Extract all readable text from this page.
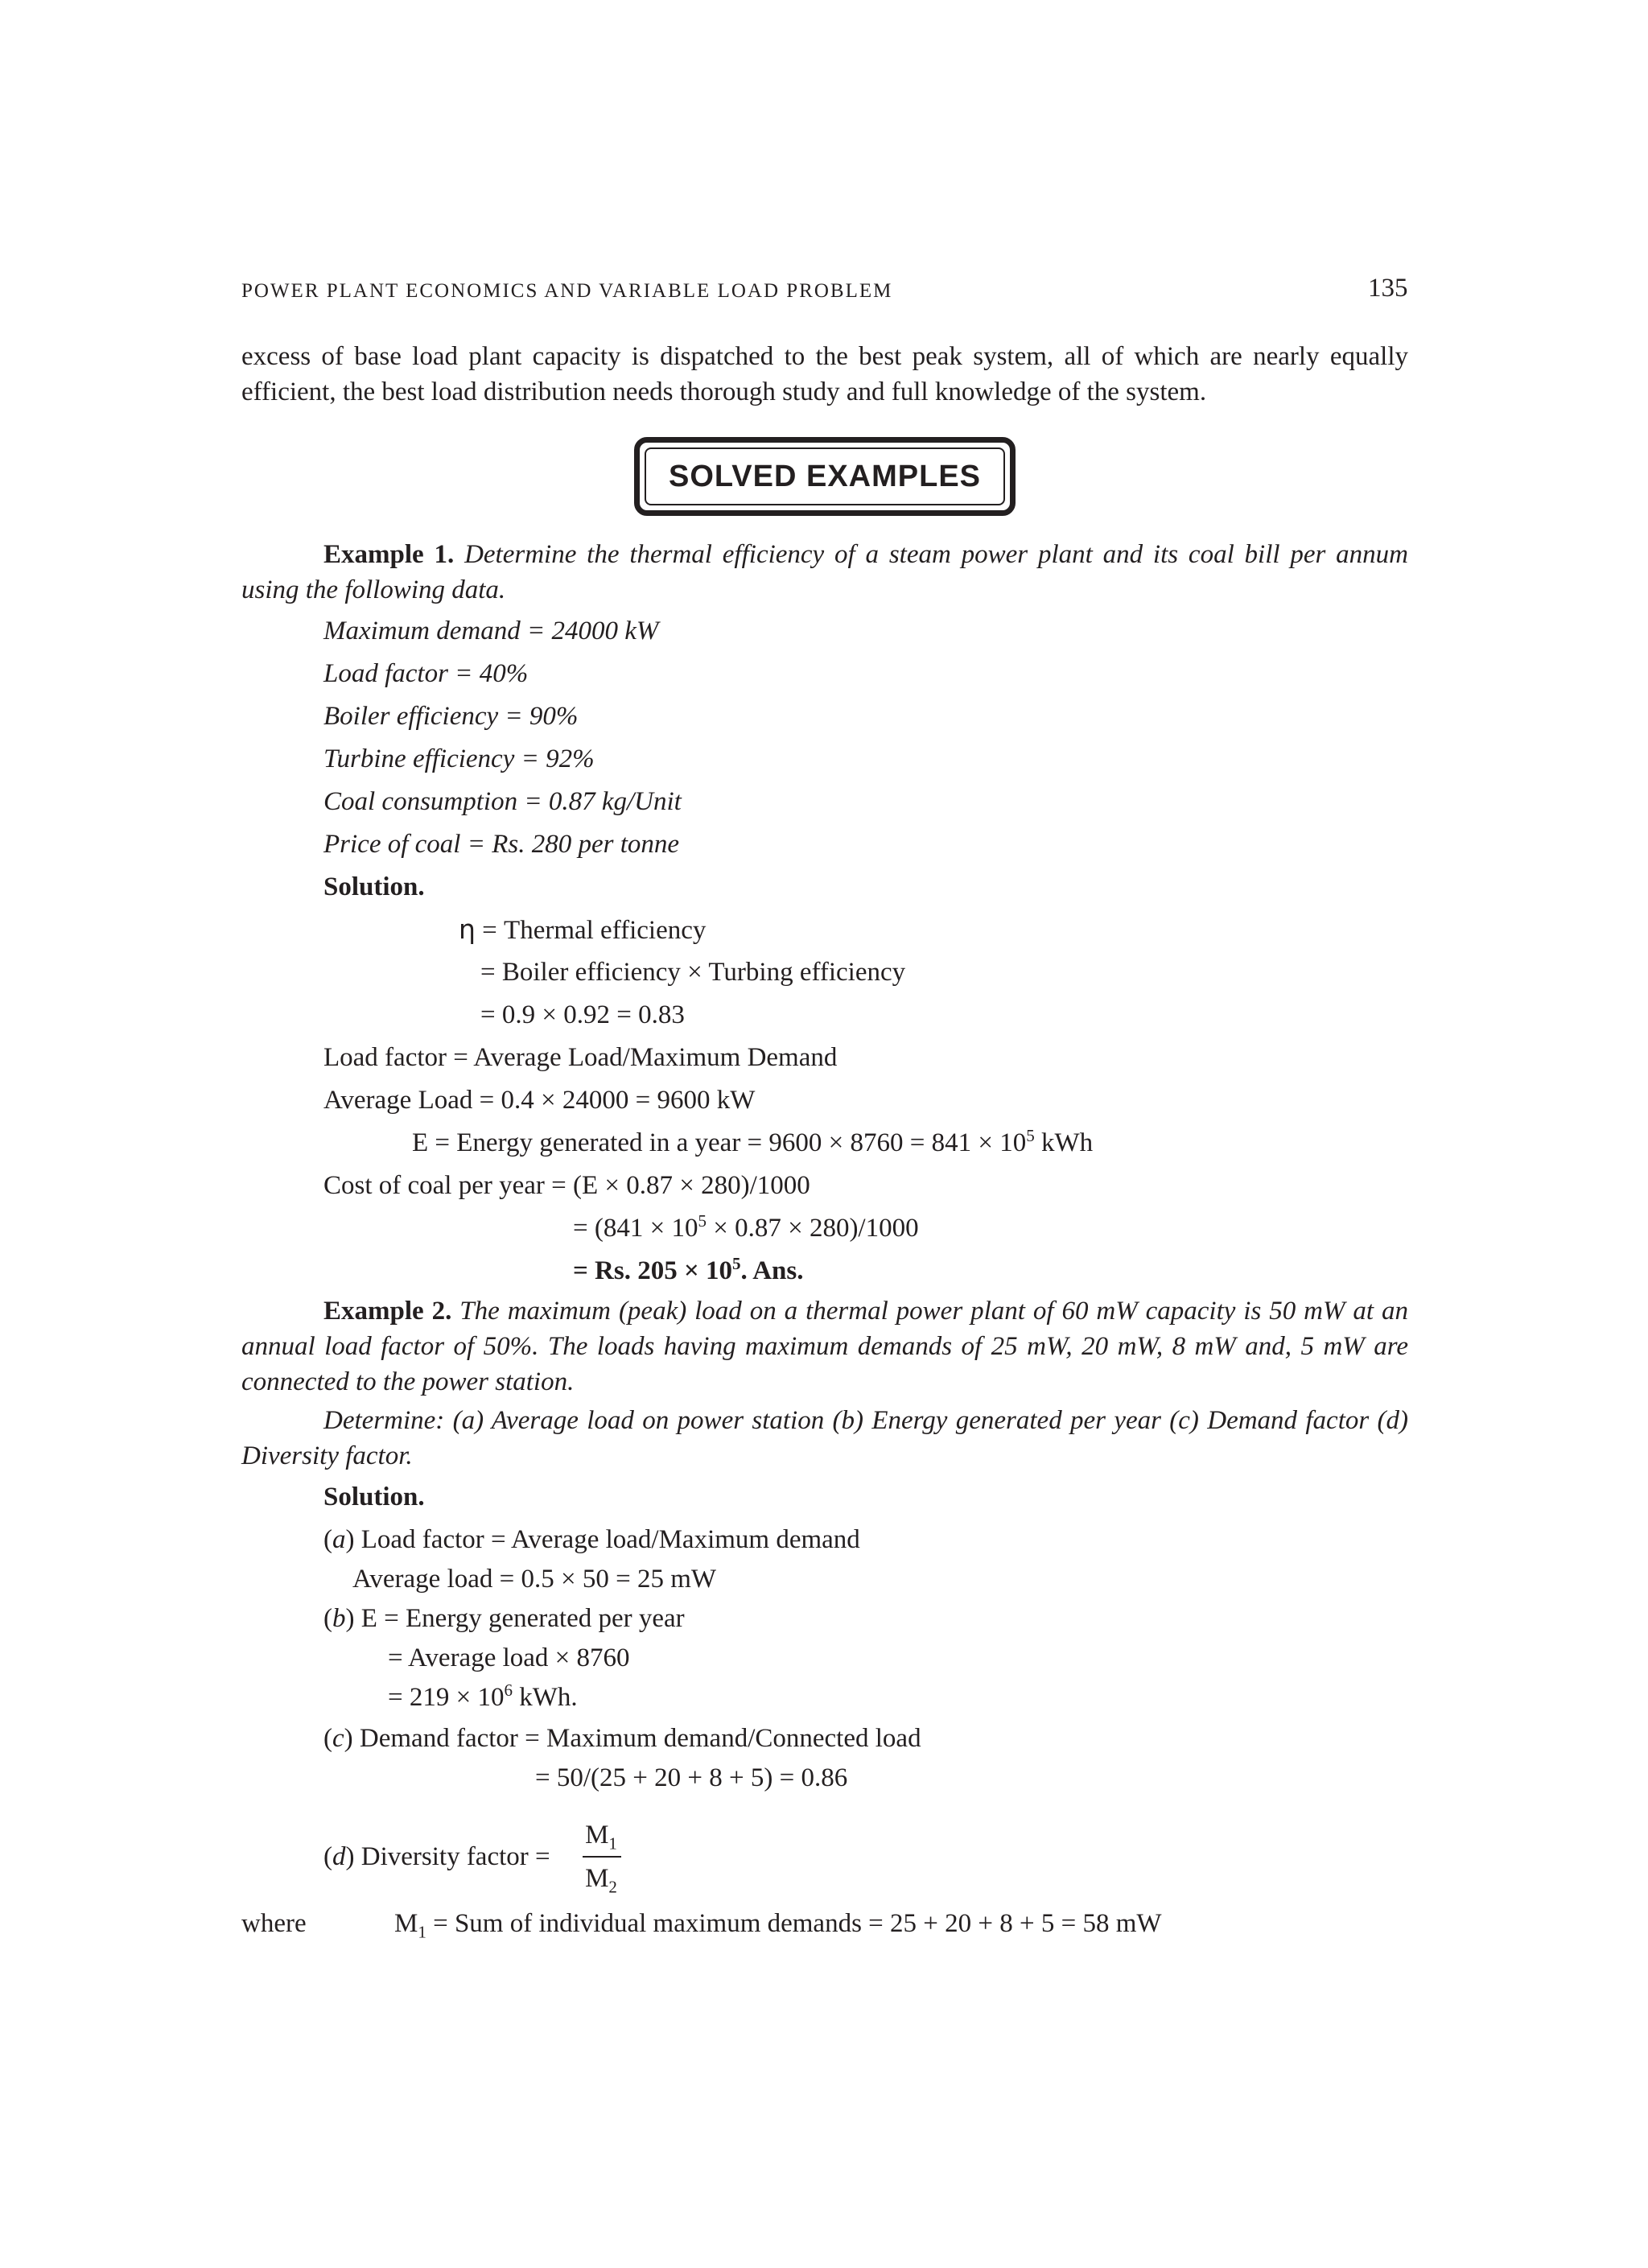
POWER PLANT ECONOMICS AND VARIABLE LOAD PROBLEM	135
excess of base load plant capacity is dispatched to the best peak system, all of which are nearly equally efficient, the best load distribution needs thorough study and full knowledge of the system.
SOLVED EXAMPLES
Example 1. Determine the thermal efficiency of a steam power plant and its coal bill per annum using the following data.
Maximum demand = 24000 kW
Load factor = 40%
Boiler efficiency = 90%
Turbine efficiency = 92%
Coal consumption = 0.87 kg/Unit
Price of coal = Rs. 280 per tonne
Solution.
η = Thermal efficiency
= Boiler efficiency × Turbing efficiency
= 0.9 × 0.92 = 0.83
Load factor = Average Load/Maximum Demand
Average Load = 0.4 × 24000 = 9600 kW
E = Energy generated in a year = $9600 \times 8760 = 841 \times 10^5$ kWh
Cost of coal per year = (E × 0.87 × 280)/1000
= $(841 \times 10^5 \times 0.87 \times 280)/1000$
= Rs. $205 \times 10^5$. Ans.
Example 2. The maximum (peak) load on a thermal power plant of 60 mW capacity is 50 mW at an annual load factor of 50%. The loads having maximum demands of 25 mW, 20 mW, 8 mW and, 5 mW are connected to the power station.
Determine: (a) Average load on power station (b) Energy generated per year (c) Demand factor (d) Diversity factor.
Solution.
(a) Load factor = Average load/Maximum demand
Average load = 0.5 × 50 = 25 mW
(b) E = Energy generated per year
= Average load × 8760
= $219 \times 10^6$ kWh.
(c) Demand factor = Maximum demand/Connected load
= 50/(25 + 20 + 8 + 5) = 0.86
(d) Diversity factor =
$M_1$
$M_2$
where	$M_1$ = Sum of individual maximum demands = 25 + 20 + 8 + 5 = 58 mW
